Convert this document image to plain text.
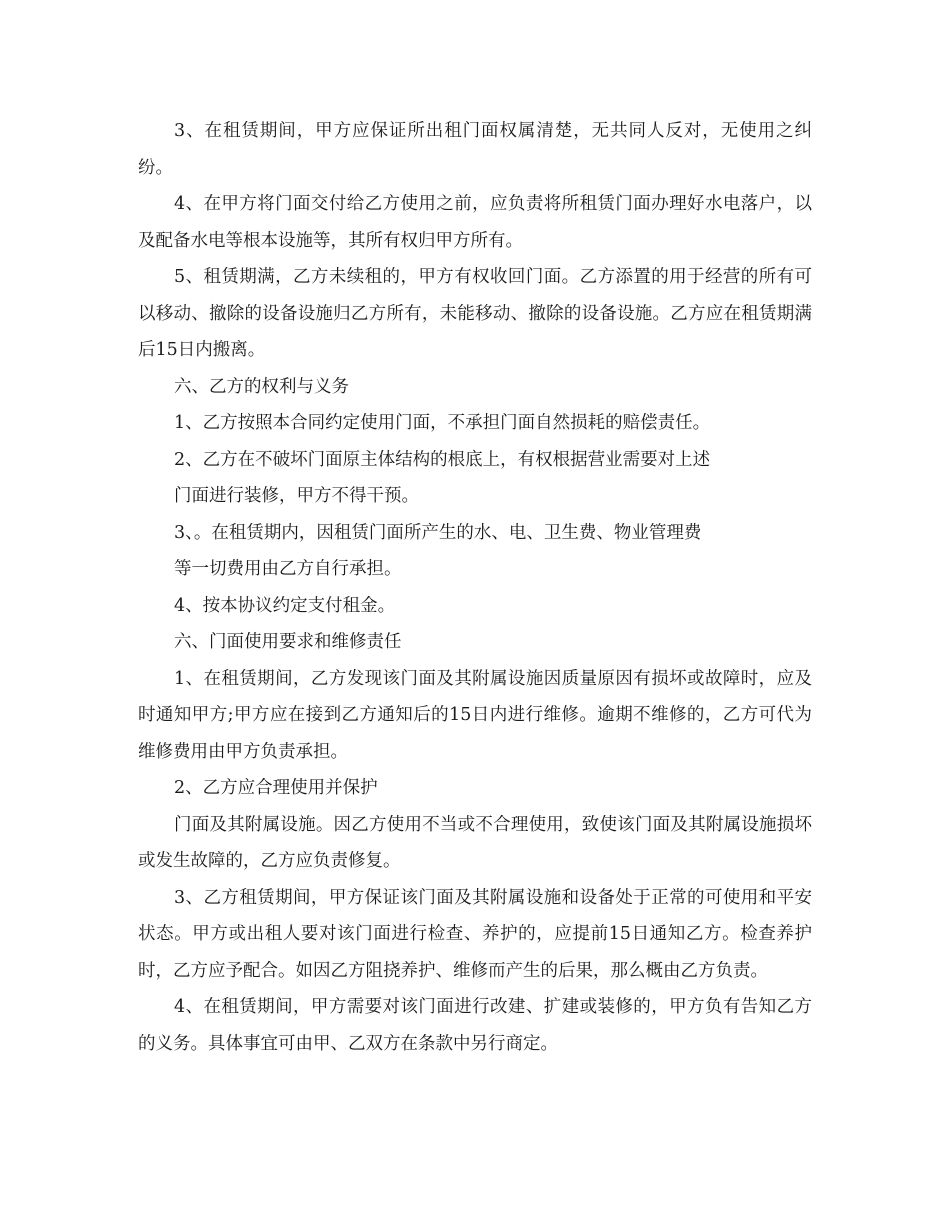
3、在租赁期间，甲方应保证所出租门面权属清楚，无共同人反对，无使用之纠纷。

4、在甲方将门面交付给乙方使用之前，应负责将所租赁门面办理好水电落户，以及配备水电等根本设施等，其所有权归甲方所有。

5、租赁期满，乙方未续租的，甲方有权收回门面。乙方添置的用于经营的所有可以移动、撤除的设备设施归乙方所有，未能移动、撤除的设备设施。乙方应在租赁期满后15日内搬离。

六、乙方的权利与义务

1、乙方按照本合同约定使用门面，不承担门面自然损耗的赔偿责任。

2、乙方在不破坏门面原主体结构的根底上，有权根据营业需要对上述

门面进行装修，甲方不得干预。

3、。在租赁期内，因租赁门面所产生的水、电、卫生费、物业管理费

等一切费用由乙方自行承担。

4、按本协议约定支付租金。

六、门面使用要求和维修责任

1、在租赁期间，乙方发现该门面及其附属设施因质量原因有损坏或故障时，应及时通知甲方;甲方应在接到乙方通知后的15日内进行维修。逾期不维修的，乙方可代为维修费用由甲方负责承担。

2、乙方应合理使用并保护

门面及其附属设施。因乙方使用不当或不合理使用，致使该门面及其附属设施损坏或发生故障的，乙方应负责修复。

3、乙方租赁期间，甲方保证该门面及其附属设施和设备处于正常的可使用和平安状态。甲方或出租人要对该门面进行检查、养护的，应提前15日通知乙方。检查养护时，乙方应予配合。如因乙方阻挠养护、维修而产生的后果，那么概由乙方负责。

4、在租赁期间，甲方需要对该门面进行改建、扩建或装修的，甲方负有告知乙方的义务。具体事宜可由甲、乙双方在条款中另行商定。
